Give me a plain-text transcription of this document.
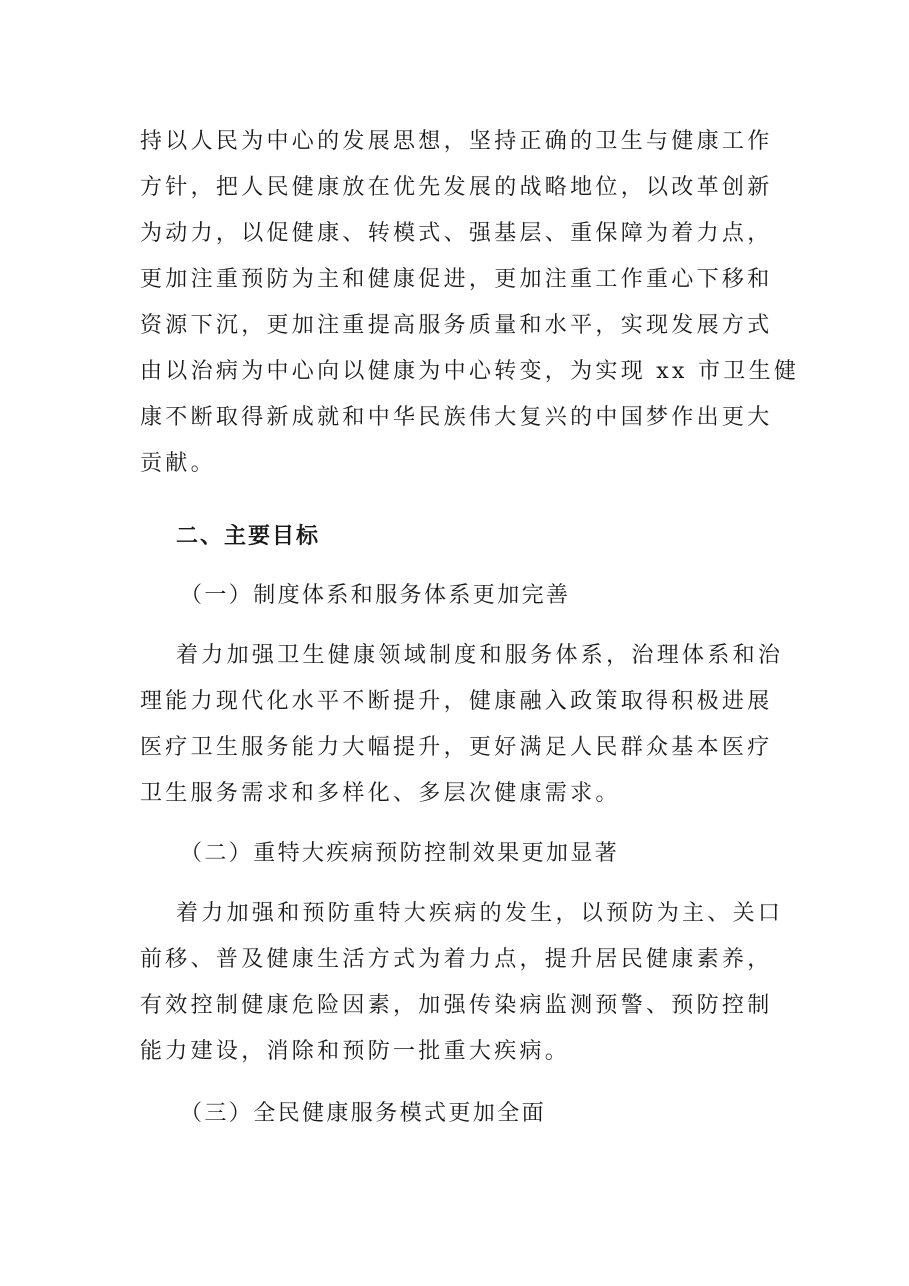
持以人民为中心的发展思想，坚持正确的卫生与健康工作
方针，把人民健康放在优先发展的战略地位，以改革创新
为动力，以促健康、转模式、强基层、重保障为着力点，
更加注重预防为主和健康促进，更加注重工作重心下移和
资源下沉，更加注重提高服务质量和水平，实现发展方式
由以治病为中心向以健康为中心转变，为实现 xx 市卫生健
康不断取得新成就和中华民族伟大复兴的中国梦作出更大
贡献。
二、主要目标
（一）制度体系和服务体系更加完善
着力加强卫生健康领域制度和服务体系，治理体系和治
理能力现代化水平不断提升，健康融入政策取得积极进展
医疗卫生服务能力大幅提升，更好满足人民群众基本医疗
卫生服务需求和多样化、多层次健康需求。
（二）重特大疾病预防控制效果更加显著
着力加强和预防重特大疾病的发生，以预防为主、关口
前移、普及健康生活方式为着力点，提升居民健康素养，
有效控制健康危险因素，加强传染病监测预警、预防控制
能力建设，消除和预防一批重大疾病。
（三）全民健康服务模式更加全面
